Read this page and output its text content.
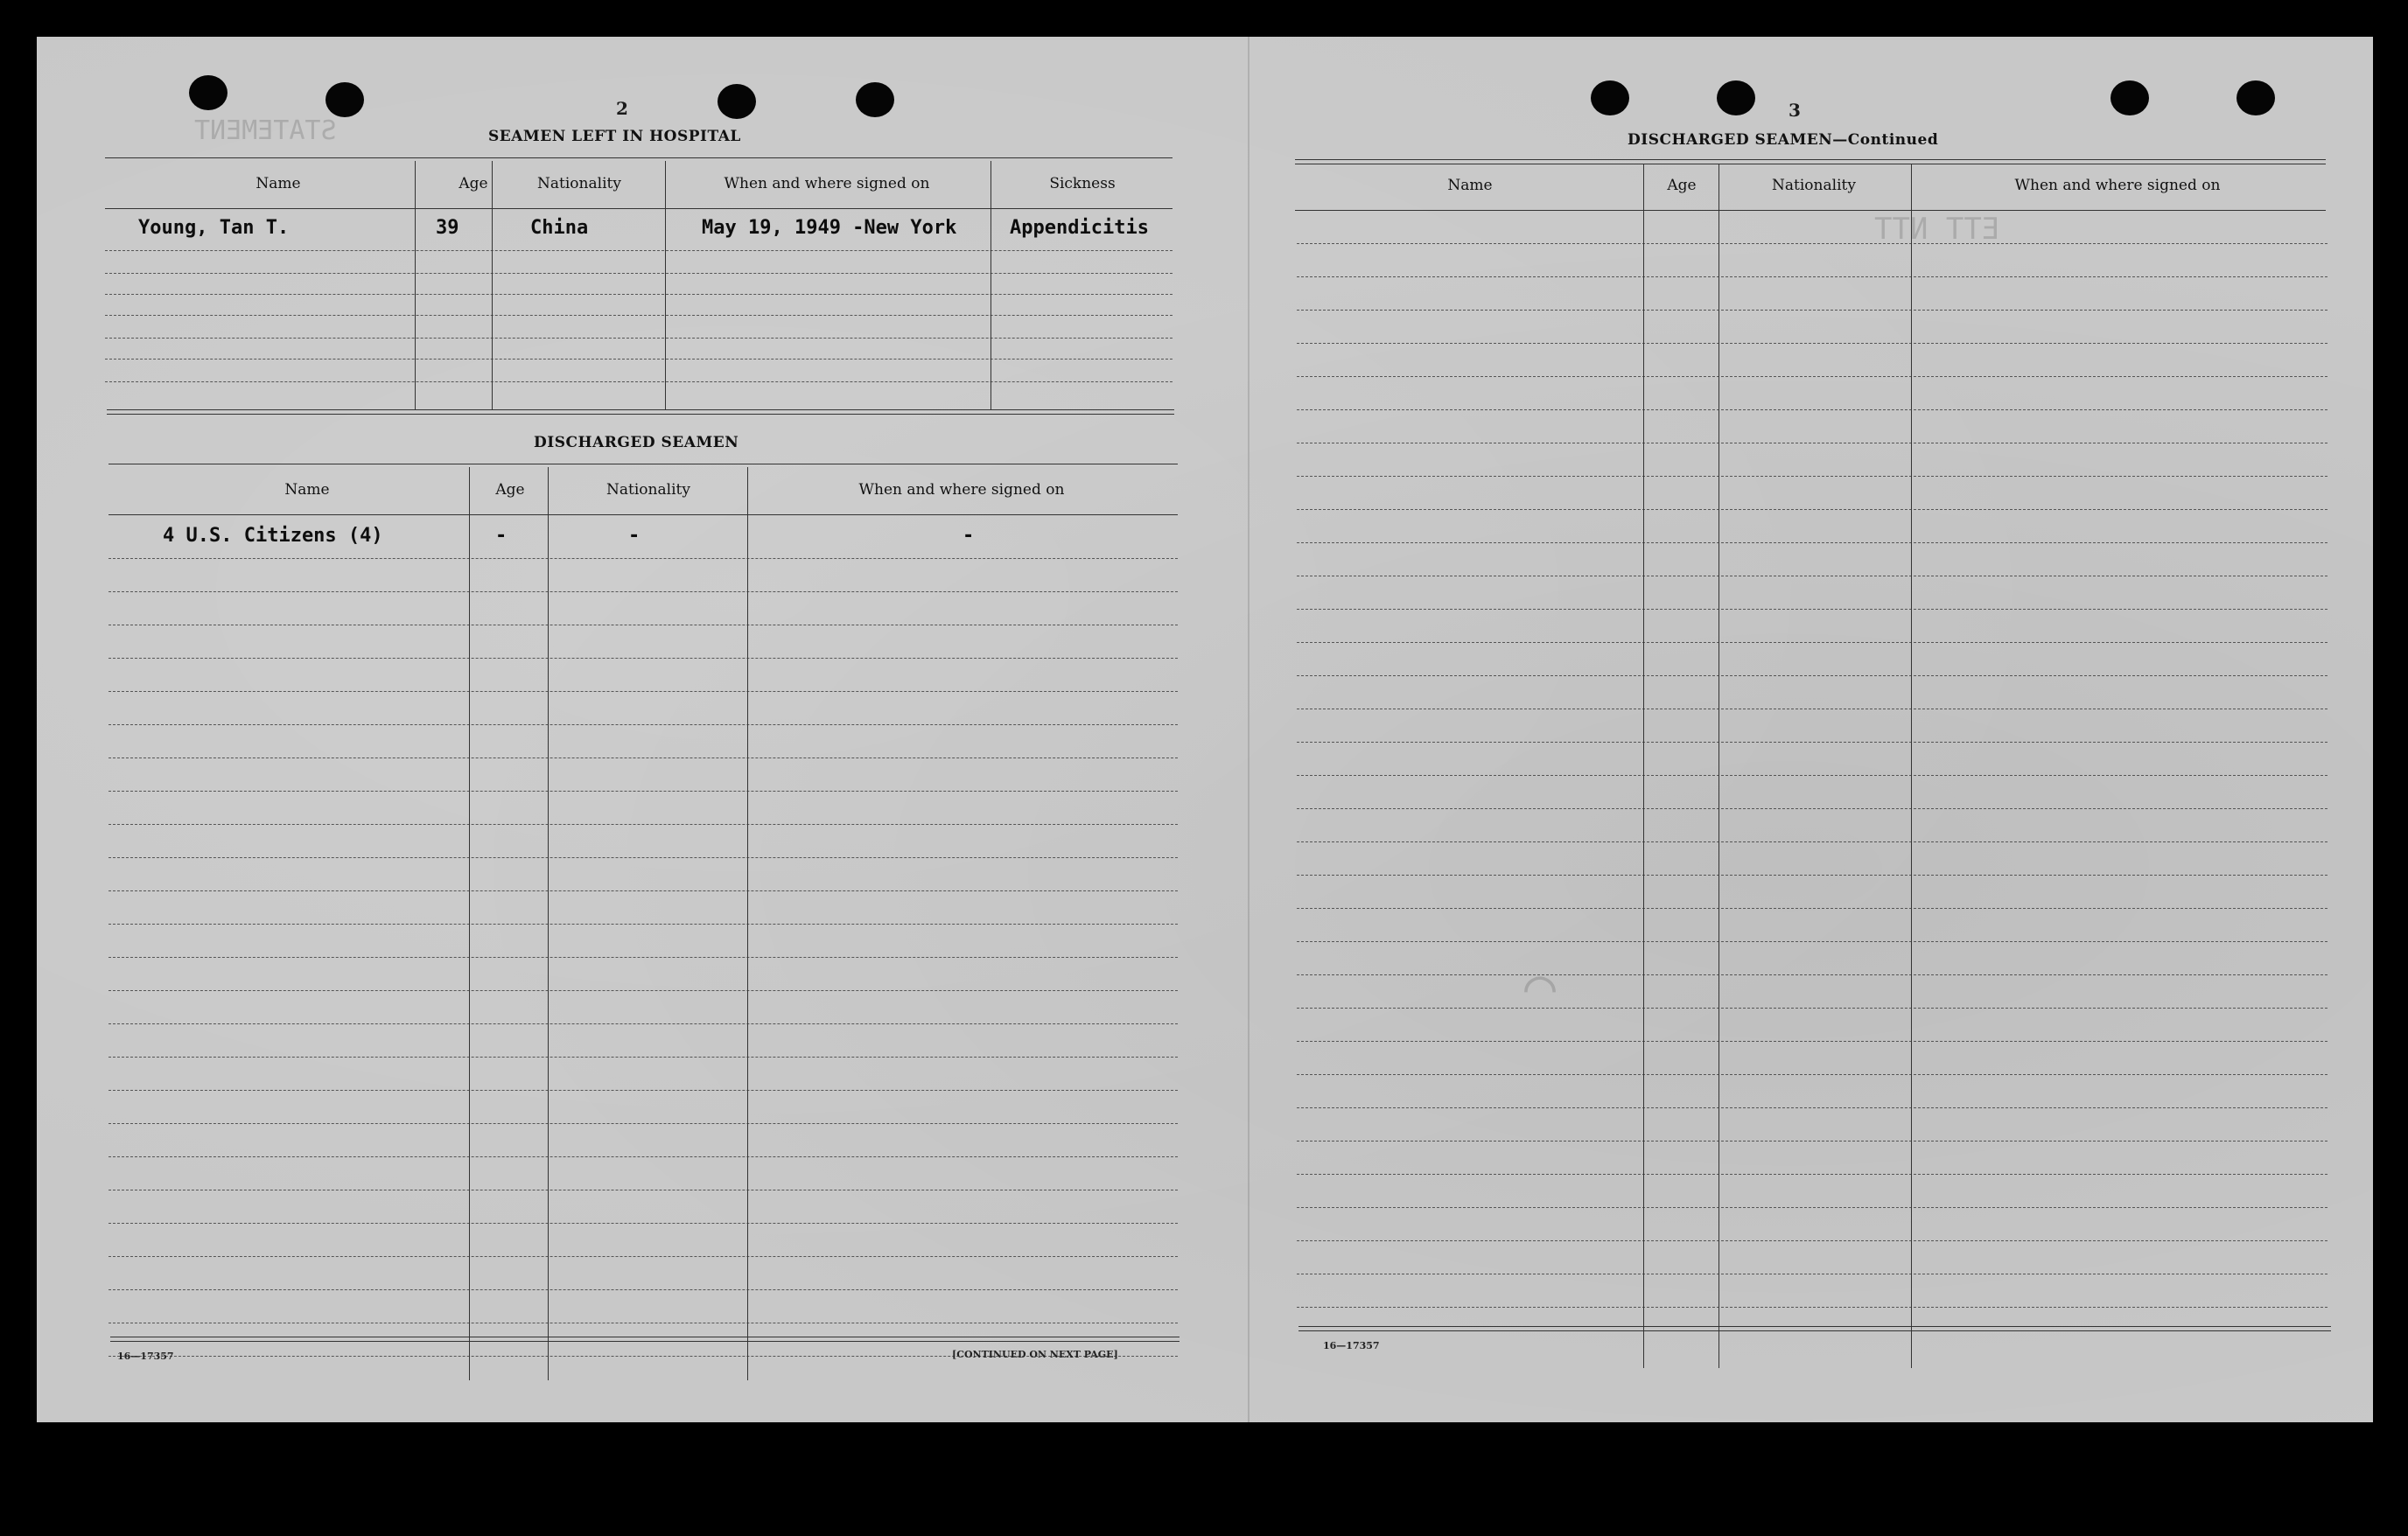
STATEMENT
ETT NTT
⌒
2
SEAMEN LEFT IN HOSPITAL
Name	Age	Nationality	When and where signed on	Sickness
Young, Tan T.	39	China	May 19, 1949 -New York	Appendicitis
DISCHARGED SEAMEN
Name	Age	Nationality	When and where signed on
4 U.S. Citizens (4)	-	-	-
16—17357	[CONTINUED ON NEXT PAGE]
3
DISCHARGED SEAMEN—Continued
Name	Age	Nationality	When and where signed on
16—17357
